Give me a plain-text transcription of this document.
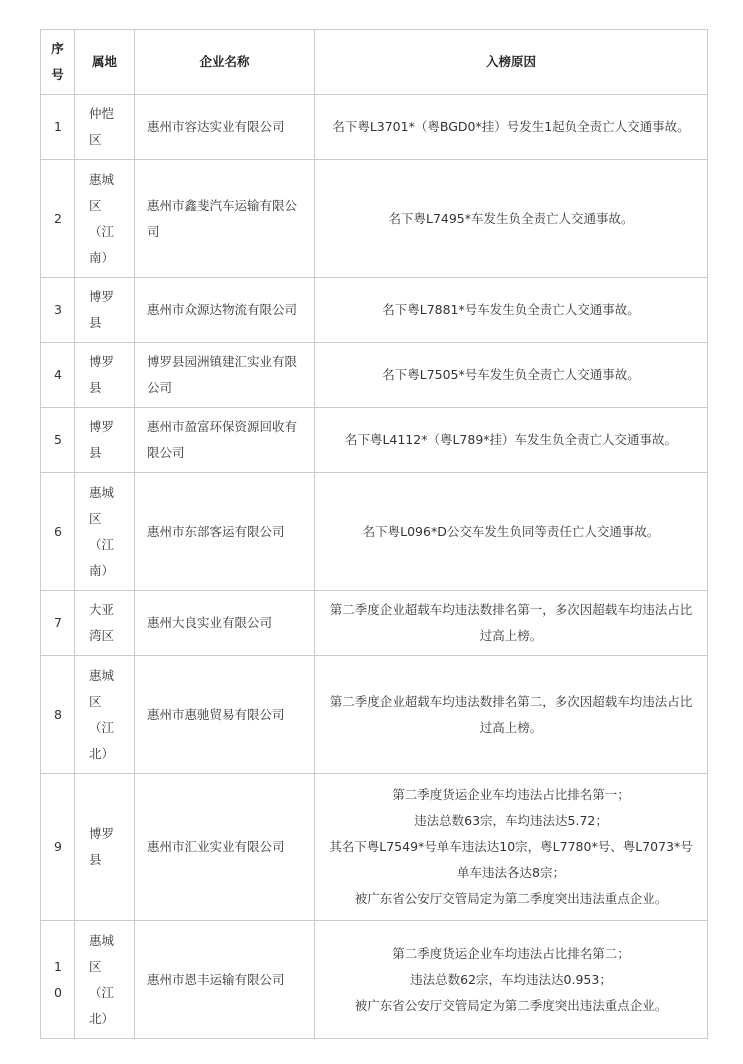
序号	属地	企业名称	入榜原因
1	仲恺区	惠州市容达实业有限公司	名下粤L3701*（粤BGD0*挂）号发生1起负全责亡人交通事故。

2	惠城区（江南）	惠州市鑫斐汽车运输有限公司	名下粤L7495*车发生负全责亡人交通事故。

3	博罗县	惠州市众源达物流有限公司	名下粤L7881*号车发生负全责亡人交通事故。

4	博罗县	博罗县园洲镇建汇实业有限公司	名下粤L7505*号车发生负全责亡人交通事故。

5	博罗县	惠州市盈富环保资源回收有限公司	名下粤L4112*（粤L789*挂）车发生负全责亡人交通事故。

6	惠城区（江南）	惠州市东部客运有限公司	名下粤L096*D公交车发生负同等责任亡人交通事故。

7	大亚湾区	惠州大良实业有限公司	第二季度企业超载车均违法数排名第一，多次因超载车均违法占比过高上榜。

8	惠城区（江北）	惠州市惠驰贸易有限公司	第二季度企业超载车均违法数排名第二，多次因超载车均违法占比过高上榜。

9	博罗县	惠州市汇业实业有限公司	第二季度货运企业车均违法占比排名第一；
违法总数63宗，车均违法达5.72；
其名下粤L7549*号单车违法达10宗，粤L7780*号、粤L7073*号单车违法各达8宗；
被广东省公安厅交管局定为第二季度突出违法重点企业。

10	惠城区（江北）	惠州市恩丰运输有限公司	第二季度货运企业车均违法占比排名第二；
违法总数62宗，车均违法达0.953；
被广东省公安厅交管局定为第二季度突出违法重点企业。
